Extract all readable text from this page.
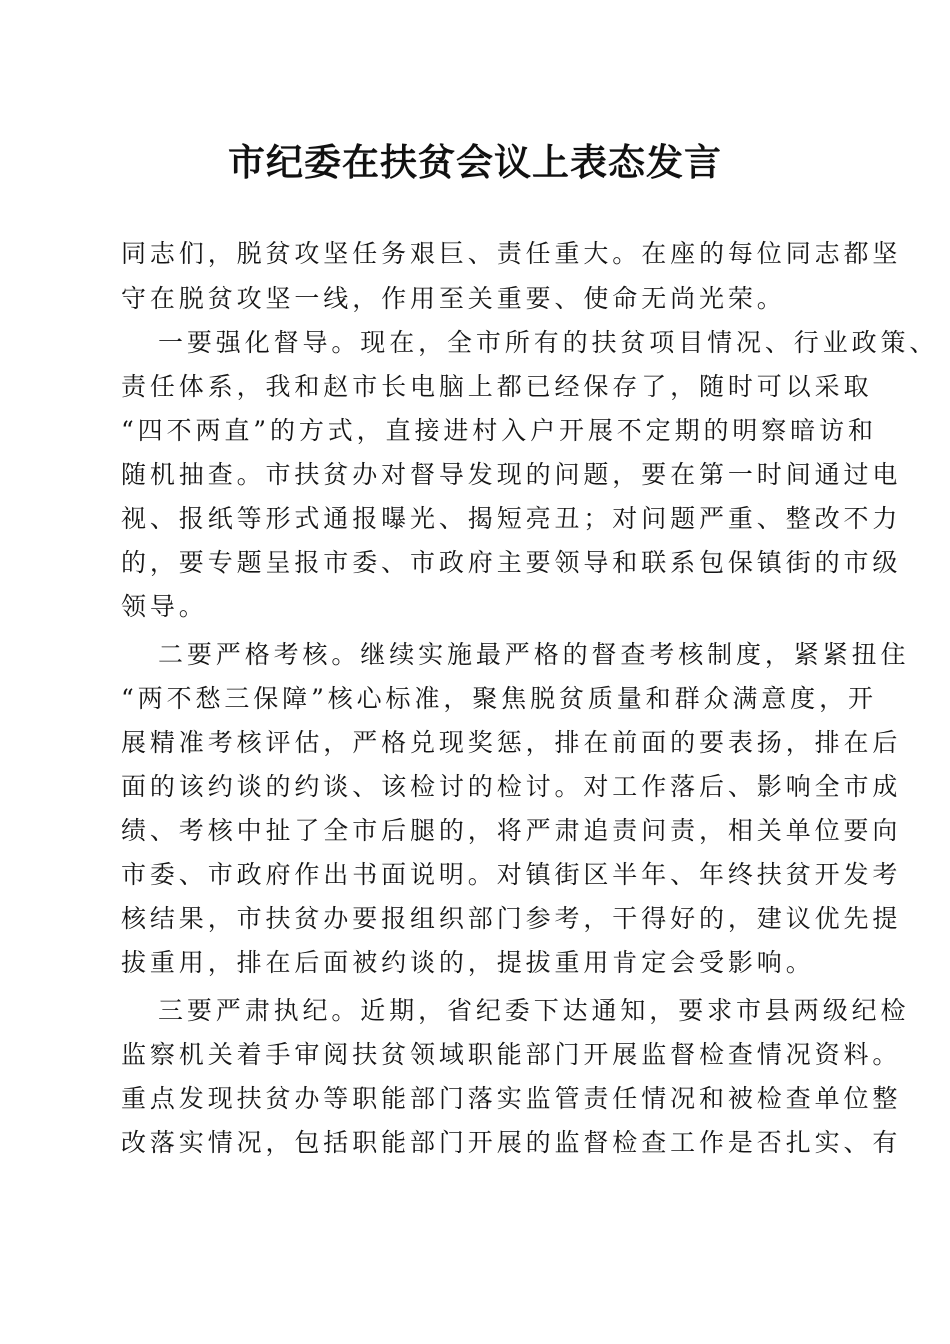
市纪委在扶贫会议上表态发言
同志们，脱贫攻坚任务艰巨、责任重大。在座的每位同志都坚
守在脱贫攻坚一线，作用至关重要、使命无尚光荣。
一要强化督导。现在，全市所有的扶贫项目情况、行业政策、
责任体系，我和赵市长电脑上都已经保存了，随时可以采取
“四不两直”的方式，直接进村入户开展不定期的明察暗访和
随机抽查。市扶贫办对督导发现的问题，要在第一时间通过电
视、报纸等形式通报曝光、揭短亮丑；对问题严重、整改不力
的，要专题呈报市委、市政府主要领导和联系包保镇街的市级
领导。
二要严格考核。继续实施最严格的督查考核制度，紧紧扭住
“两不愁三保障”核心标准，聚焦脱贫质量和群众满意度，开
展精准考核评估，严格兑现奖惩，排在前面的要表扬，排在后
面的该约谈的约谈、该检讨的检讨。对工作落后、影响全市成
绩、考核中扯了全市后腿的，将严肃追责问责，相关单位要向
市委、市政府作出书面说明。对镇街区半年、年终扶贫开发考
核结果，市扶贫办要报组织部门参考，干得好的，建议优先提
拔重用，排在后面被约谈的，提拔重用肯定会受影响。
三要严肃执纪。近期，省纪委下达通知，要求市县两级纪检
监察机关着手审阅扶贫领域职能部门开展监督检查情况资料。
重点发现扶贫办等职能部门落实监管责任情况和被检查单位整
改落实情况，包括职能部门开展的监督检查工作是否扎实、有
